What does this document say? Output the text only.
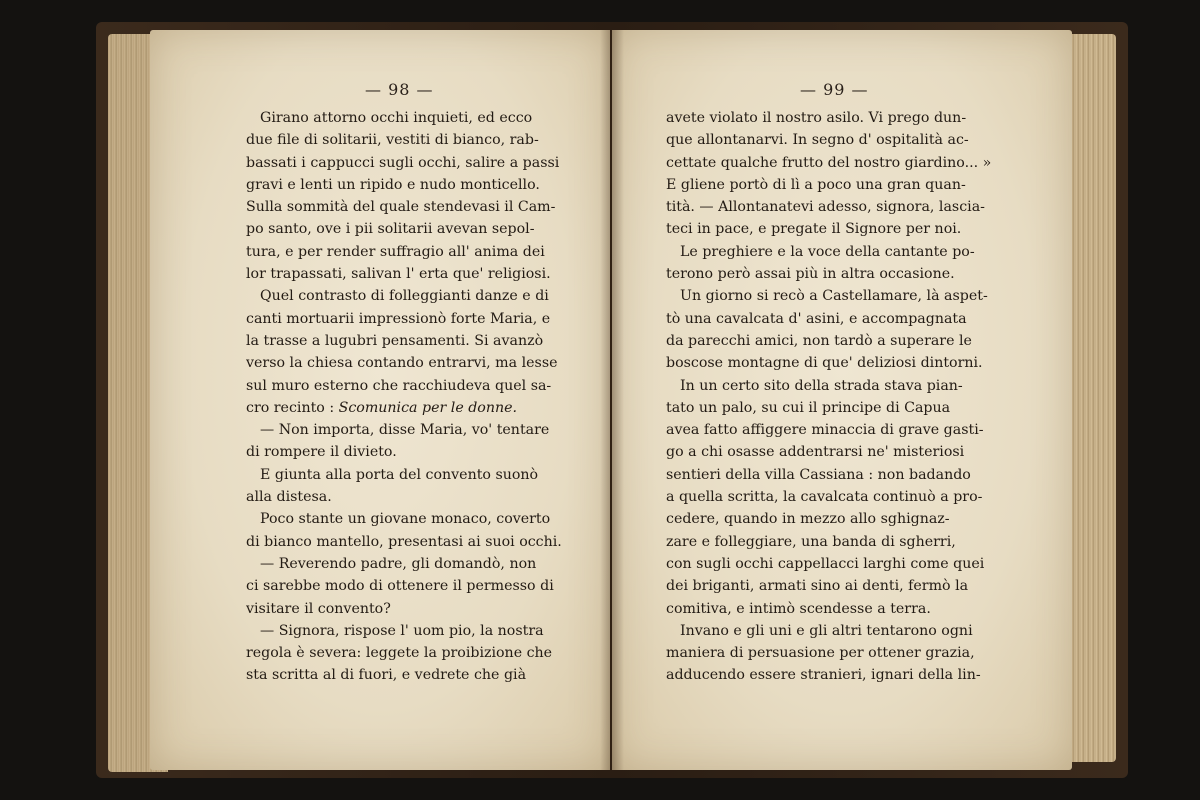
— 98 —
Girano attorno occhi inquieti, ed ecco
due file di solitarii, vestiti di bianco, rab-
bassati i cappucci sugli occhi, salire a passi
gravi e lenti un ripido e nudo monticello.
Sulla sommità del quale stendevasi il Cam-
po santo, ove i pii solitarii avevan sepol-
tura, e per render suffragio all' anima dei
lor trapassati, salivan l' erta que' religiosi.
Quel contrasto di folleggianti danze e di
canti mortuarii impressionò forte Maria, e
la trasse a lugubri pensamenti. Si avanzò
verso la chiesa contando entrarvi, ma lesse
sul muro esterno che racchiudeva quel sa-
cro recinto : Scomunica per le donne.
— Non importa, disse Maria, vo' tentare
di rompere il divieto.
E giunta alla porta del convento suonò
alla distesa.
Poco stante un giovane monaco, coverto
di bianco mantello, presentasi ai suoi occhi.
— Reverendo padre, gli domandò, non
ci sarebbe modo di ottenere il permesso di
visitare il convento?
— Signora, rispose l' uom pio, la nostra
regola è severa: leggete la proibizione che
sta scritta al di fuori, e vedrete che già
— 99 —
avete violato il nostro asilo. Vi prego dun-
que allontanarvi. In segno d' ospitalità ac-
cettate qualche frutto del nostro giardino... »
E gliene portò di lì a poco una gran quan-
tità. — Allontanatevi adesso, signora, lascia-
teci in pace, e pregate il Signore per noi.
Le preghiere e la voce della cantante po-
terono però assai più in altra occasione.
Un giorno si recò a Castellamare, là aspet-
tò una cavalcata d' asini, e accompagnata
da parecchi amici, non tardò a superare le
boscose montagne di que' deliziosi dintorni.
In un certo sito della strada stava pian-
tato un palo, su cui il principe di Capua
avea fatto affiggere minaccia di grave gasti-
go a chi osasse addentrarsi ne' misteriosi
sentieri della villa Cassiana : non badando
a quella scritta, la cavalcata continuò a pro-
cedere, quando in mezzo allo sghignaz-
zare e folleggiare, una banda di sgherri,
con sugli occhi cappellacci larghi come quei
dei briganti, armati sino ai denti, fermò la
comitiva, e intimò scendesse a terra.
Invano e gli uni e gli altri tentarono ogni
maniera di persuasione per ottener grazia,
adducendo essere stranieri, ignari della lin-
